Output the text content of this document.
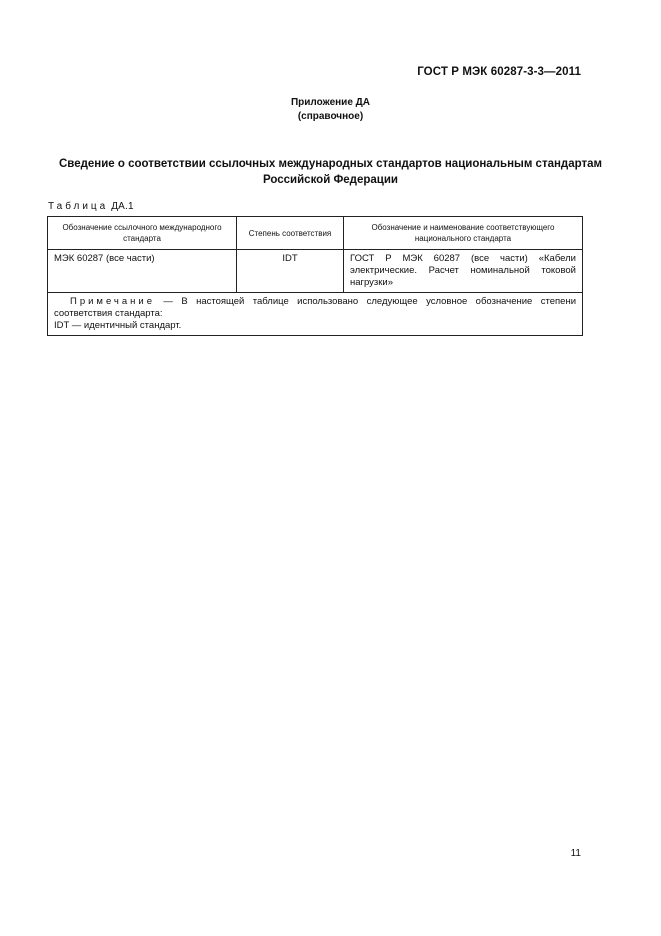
ГОСТ Р МЭК 60287-3-3—2011
Приложение ДА
(справочное)
Сведение о соответствии ссылочных международных стандартов национальным стандартам
Российской Федерации
Таблица ДА.1
Обозначение ссылочного международного стандарта	Степень соответствия	Обозначение и наименование соответствующего национального стандарта
МЭК 60287 (все части)	IDT	ГОСТ Р МЭК 60287 (все части) «Кабели электрические. Расчет номинальной токовой нагрузки»

Примечание — В настоящей таблице использовано следующее условное обозначение степени соответствия стандарта:
IDT — идентичный стандарт.		
11
